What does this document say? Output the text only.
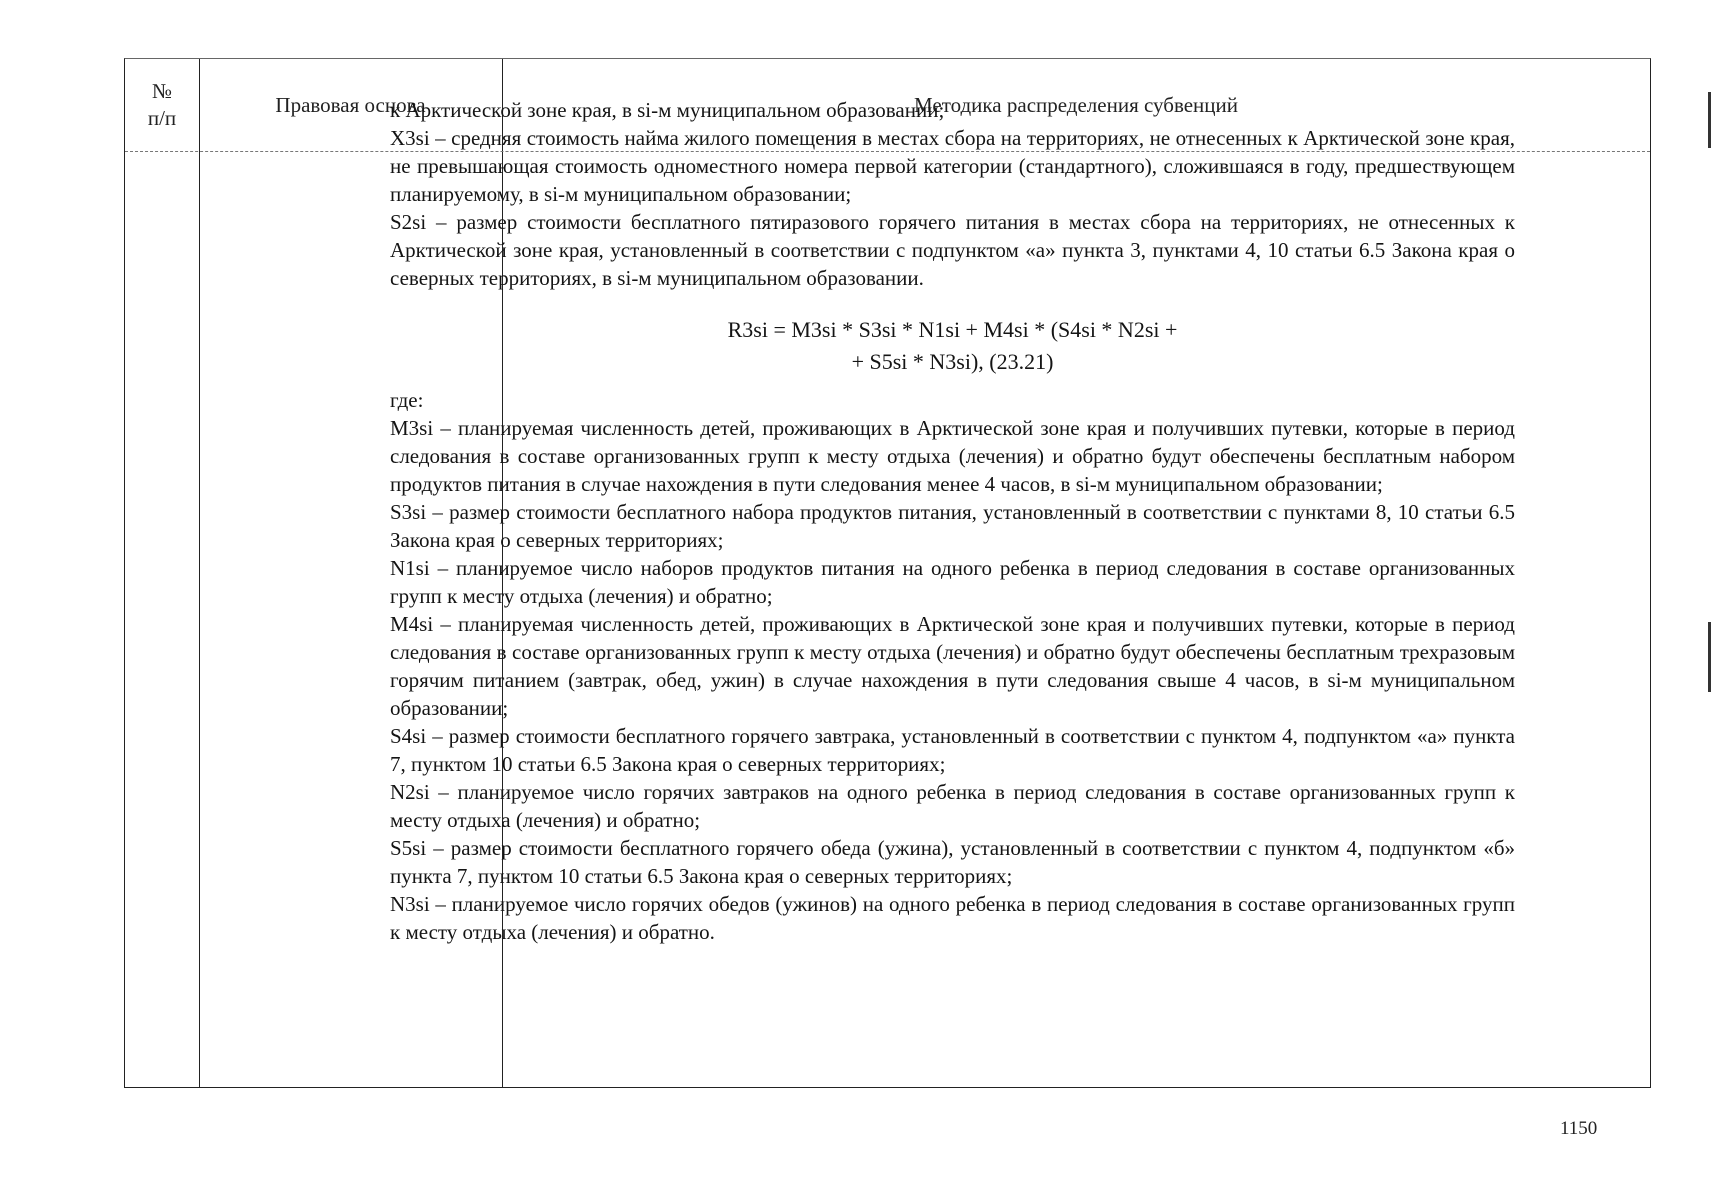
№
п/п
Правовая основа	Методика распределения субвенций

к Арктической зоне края, в si-м муниципальном образовании;

X3si – средняя стоимость найма жилого помещения в местах сбора на территориях, не отнесенных к Арктической зоне края, не превышающая стоимость одноместного номера первой категории (стандартного), сложившаяся в году, предшествующем планируемому, в si-м муниципальном образовании;

S2si – размер стоимости бесплатного пятиразового горячего питания в местах сбора на территориях, не отнесенных к Арктической зоне края, установленный в соответствии с подпунктом «а» пункта 3, пунктами 4, 10 статьи 6.5 Закона края о северных территориях, в si-м муниципальном образовании.

R3si = M3si * S3si * N1si + M4si * (S4si * N2si +
+ S5si * N3si), (23.21)

где:

M3si – планируемая численность детей, проживающих в Арктической зоне края и получивших путевки, которые в период следования в составе организованных групп к месту отдыха (лечения) и обратно будут обеспечены бесплатным набором продуктов питания в случае нахождения в пути следования менее 4 часов, в si-м муниципальном образовании;

S3si – размер стоимости бесплатного набора продуктов питания, установленный в соответствии с пунктами 8, 10 статьи 6.5 Закона края о северных территориях;

N1si – планируемое число наборов продуктов питания на одного ребенка в период следования в составе организованных групп к месту отдыха (лечения) и обратно;

M4si – планируемая численность детей, проживающих в Арктической зоне края и получивших путевки, которые в период следования в составе организованных групп к месту отдыха (лечения) и обратно будут обеспечены бесплатным трехразовым горячим питанием (завтрак, обед, ужин) в случае нахождения в пути следования свыше 4 часов, в si-м муниципальном образовании;

S4si – размер стоимости бесплатного горячего завтрака, установленный в соответствии с пунктом 4, подпунктом «а» пункта 7, пунктом 10 статьи 6.5 Закона края о северных территориях;

N2si – планируемое число горячих завтраков на одного ребенка в период следования в составе организованных групп к месту отдыха (лечения) и обратно;

S5si – размер стоимости бесплатного горячего обеда (ужина), установленный в соответствии с пунктом 4, подпунктом «б» пункта 7, пунктом 10 статьи 6.5 Закона края о северных территориях;

N3si – планируемое число горячих обедов (ужинов) на одного ребенка в период следования в составе организованных групп к месту отдыха (лечения) и обратно.

1150
